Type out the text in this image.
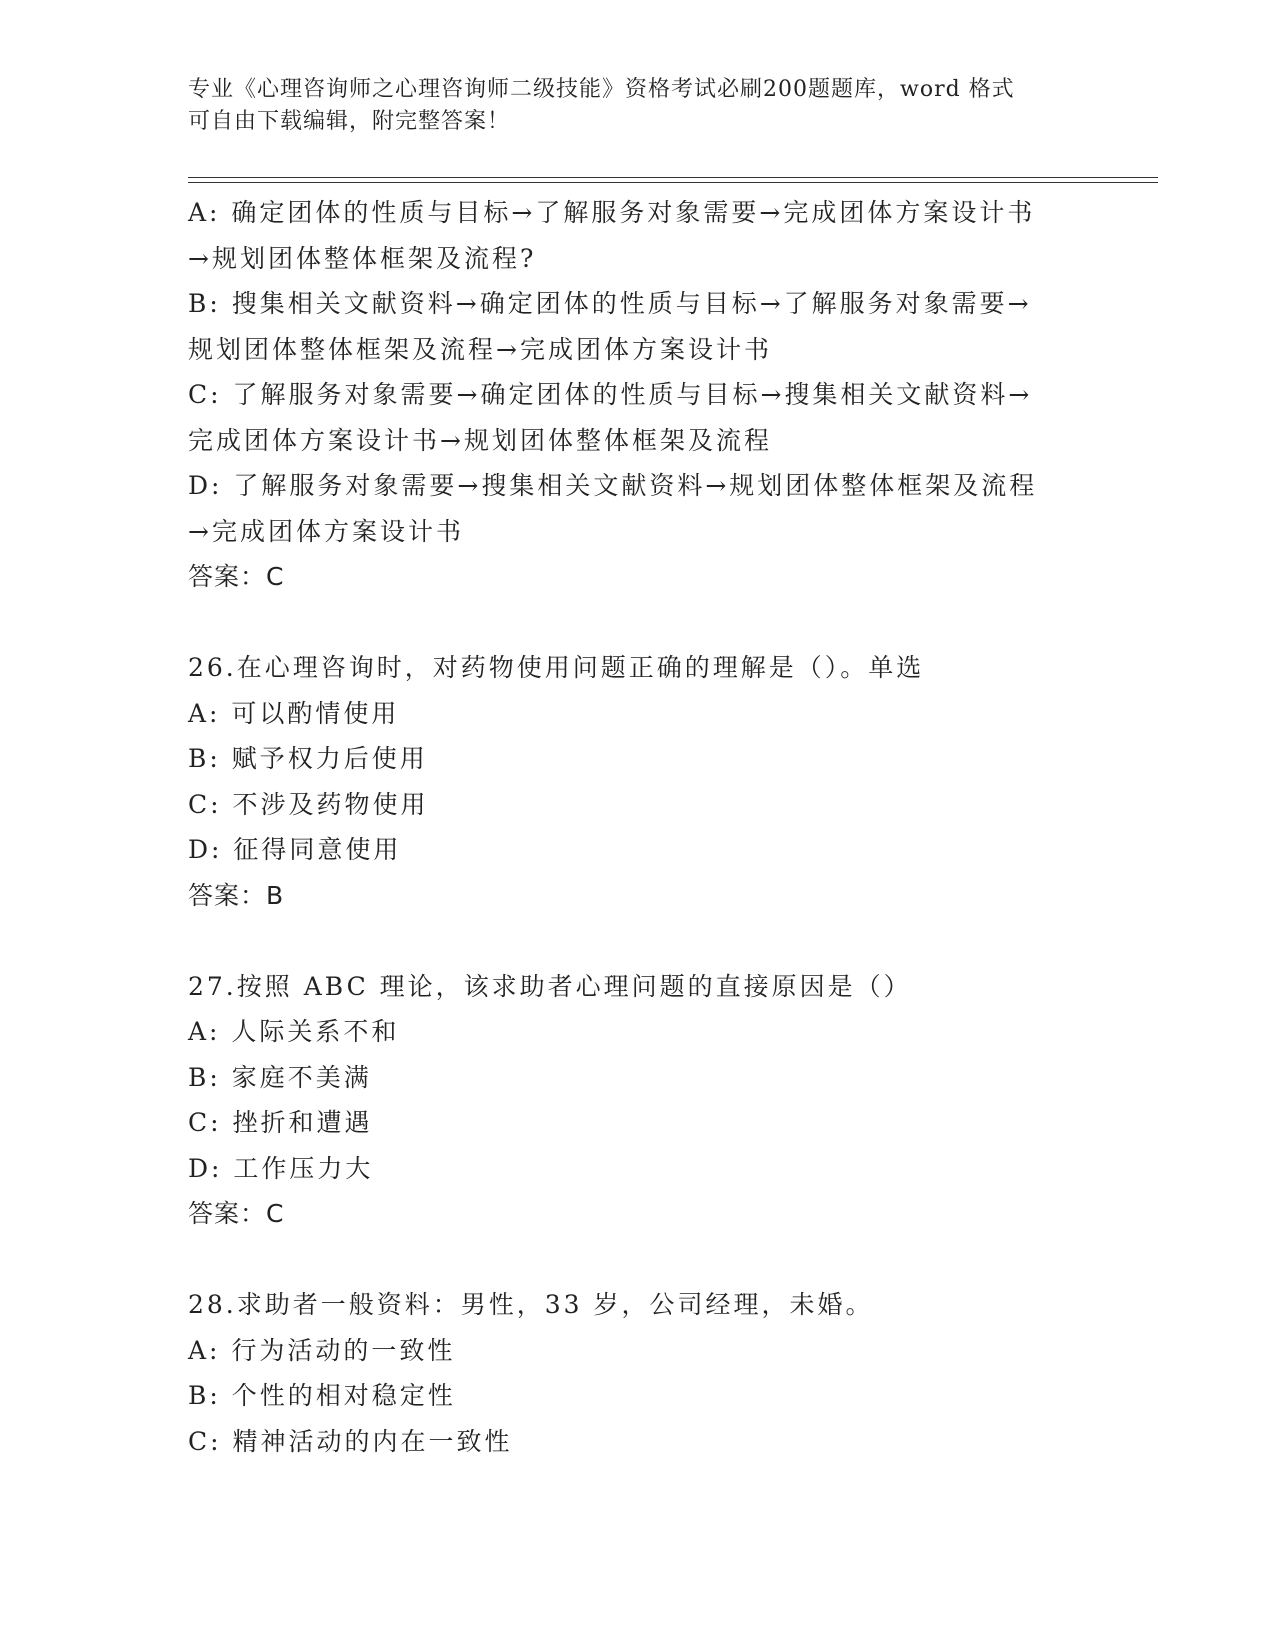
专业《心理咨询师之心理咨询师二级技能》资格考试必刷200题题库，word 格式
可自由下载编辑，附完整答案！
A: 确定团体的性质与目标→了解服务对象需要→完成团体方案设计书
→规划团体整体框架及流程?
B: 搜集相关文献资料→确定团体的性质与目标→了解服务对象需要→
规划团体整体框架及流程→完成团体方案设计书
C: 了解服务对象需要→确定团体的性质与目标→搜集相关文献资料→
完成团体方案设计书→规划团体整体框架及流程
D: 了解服务对象需要→搜集相关文献资料→规划团体整体框架及流程
→完成团体方案设计书
答案：C
26.在心理咨询时，对药物使用问题正确的理解是（）。单选
A: 可以酌情使用
B: 赋予权力后使用
C: 不涉及药物使用
D: 征得同意使用
答案：B
27.按照 ABC 理论，该求助者心理问题的直接原因是（）
A: 人际关系不和
B: 家庭不美满
C: 挫折和遭遇
D: 工作压力大
答案：C
28.求助者一般资料：男性，33 岁，公司经理，未婚。
A: 行为活动的一致性
B: 个性的相对稳定性
C: 精神活动的内在一致性
